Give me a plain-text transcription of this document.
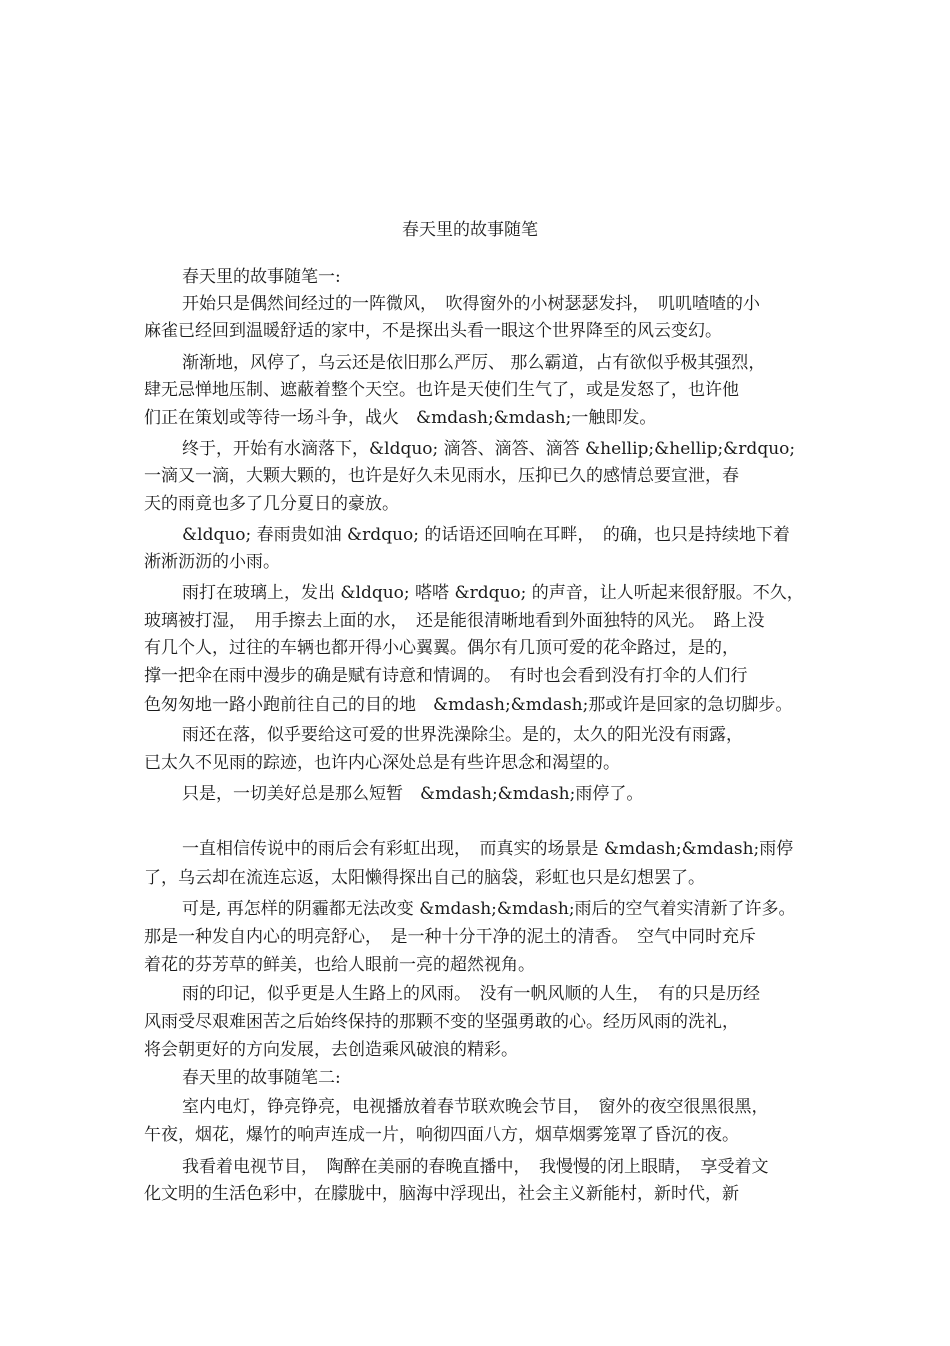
春天里的故事随笔

春天里的故事随笔一:

开始只是偶然间经过的一阵微风，　吹得窗外的小树瑟瑟发抖，　叽叽喳喳的小

麻雀已经回到温暖舒适的家中，不是探出头看一眼这个世界降至的风云变幻。

渐渐地，风停了，乌云还是依旧那么严厉、 那么霸道，占有欲似乎极其强烈，

肆无忌惮地压制、遮蔽着整个天空。也许是天使们生气了，或是发怒了，也许他

们正在策划或等待一场斗争，战火　&mdash;&mdash;一触即发。

终于，开始有水滴落下，&ldquo; 滴答、滴答、滴答 &hellip;&hellip;&rdquo;

一滴又一滴，大颗大颗的，也许是好久未见雨水，压抑已久的感情总要宣泄，春

天的雨竟也多了几分夏日的豪放。

&ldquo; 春雨贵如油 &rdquo; 的话语还回响在耳畔，　的确，也只是持续地下着

淅淅沥沥的小雨。

雨打在玻璃上，发出 &ldquo; 嗒嗒 &rdquo; 的声音，让人听起来很舒服。不久，

玻璃被打湿，　用手擦去上面的水，　还是能很清晰地看到外面独特的风光。　路上没

有几个人，过往的车辆也都开得小心翼翼。偶尔有几顶可爱的花伞路过，是的，

撑一把伞在雨中漫步的确是赋有诗意和情调的。　有时也会看到没有打伞的人们行

色匆匆地一路小跑前往自己的目的地　&mdash;&mdash;那或许是回家的急切脚步。

雨还在落，似乎要给这可爱的世界洗澡除尘。是的，太久的阳光没有雨露，

已太久不见雨的踪迹，也许内心深处总是有些许思念和渴望的。

只是，一切美好总是那么短暂　&mdash;&mdash;雨停了。

一直相信传说中的雨后会有彩虹出现，　而真实的场景是 &mdash;&mdash;雨停

了，乌云却在流连忘返，太阳懒得探出自己的脑袋，彩虹也只是幻想罢了。

可是, 再怎样的阴霾都无法改变 &mdash;&mdash;雨后的空气着实清新了许多。

那是一种发自内心的明亮舒心，　是一种十分干净的泥土的清香。　空气中同时充斥

着花的芬芳草的鲜美，也给人眼前一亮的超然视角。

雨的印记，似乎更是人生路上的风雨。　没有一帆风顺的人生，　有的只是历经

风雨受尽艰难困苦之后始终保持的那颗不变的坚强勇敢的心。经历风雨的洗礼，

将会朝更好的方向发展，去创造乘风破浪的精彩。

春天里的故事随笔二:

室内电灯，铮亮铮亮，电视播放着春节联欢晚会节目，　窗外的夜空很黑很黑，

午夜，烟花，爆竹的响声连成一片，响彻四面八方，烟草烟雾笼罩了昏沉的夜。

我看着电视节目，　陶醉在美丽的春晚直播中，　我慢慢的闭上眼睛，　享受着文

化文明的生活色彩中，在朦胧中，脑海中浮现出，社会主义新能村，新时代，新
